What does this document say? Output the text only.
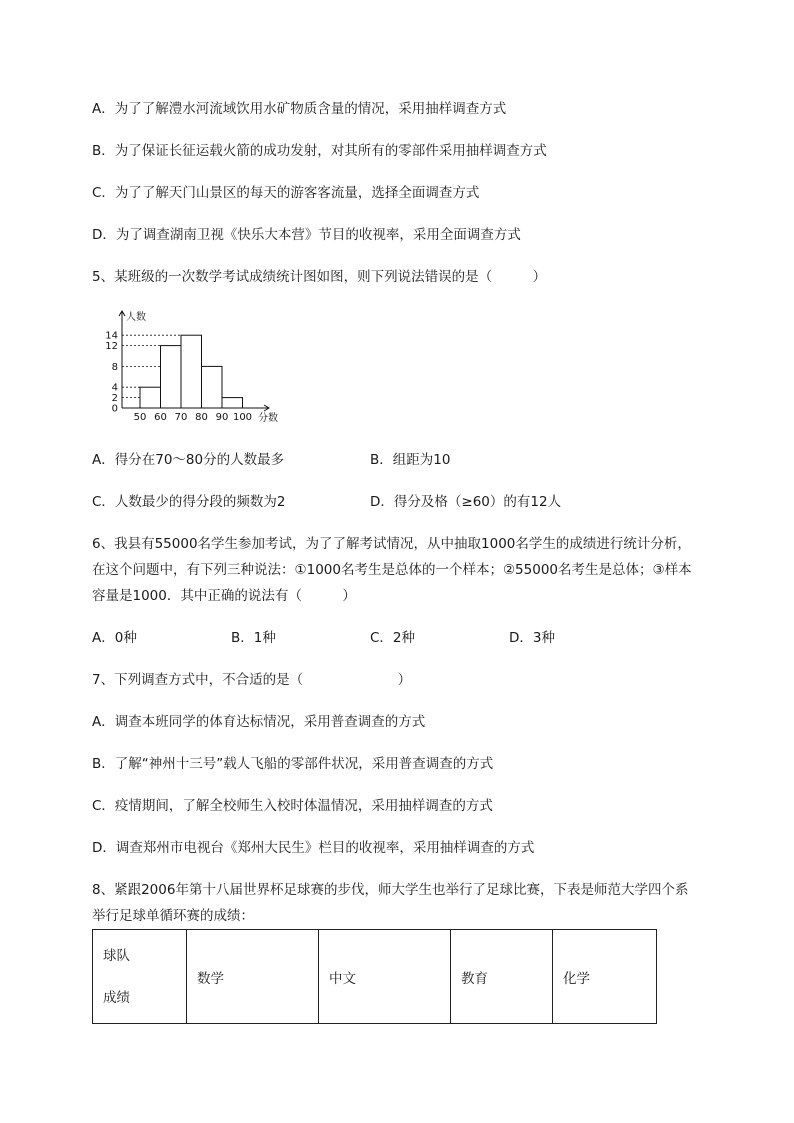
A．为了了解澧水河流域饮用水矿物质含量的情况，采用抽样调查方式
B．为了保证长征运载火箭的成功发射，对其所有的零部件采用抽样调查方式
C．为了了解天门山景区的每天的游客客流量，选择全面调查方式
D．为了调查湖南卫视《快乐大本营》节目的收视率，采用全面调查方式
5、某班级的一次数学考试成绩统计图如图，则下列说法错误的是（　　　）
14
12
8
4
2
0
50 60 70 80 90 100
人数
分数
A．得分在70～80分的人数最多	B．组距为10
C．人数最少的得分段的频数为2	D．得分及格（≥60）的有12人
6、我县有55000名学生参加考试，为了了解考试情况，从中抽取1000名学生的成绩进行统计分析，
在这个问题中，有下列三种说法：①1000名考生是总体的一个样本；②55000名考生是总体；③样本
容量是1000．其中正确的说法有（　　　）
A．0种	B．1种	C．2种	D．3种
7、下列调查方式中，不合适的是（　　　　　　　）
A．调查本班同学的体育达标情况，采用普查调查的方式
B．了解“神州十三号”载人飞船的零部件状况，采用普查调查的方式
C．疫情期间，了解全校师生入校时体温情况，采用抽样调查的方式
D．调查郑州市电视台《郑州大民生》栏目的收视率，采用抽样调查的方式
8、紧跟2006年第十八届世界杯足球赛的步伐，师大学生也举行了足球比赛，下表是师范大学四个系
举行足球单循环赛的成绩：
球队
成绩
	数学	中文	教育	化学
